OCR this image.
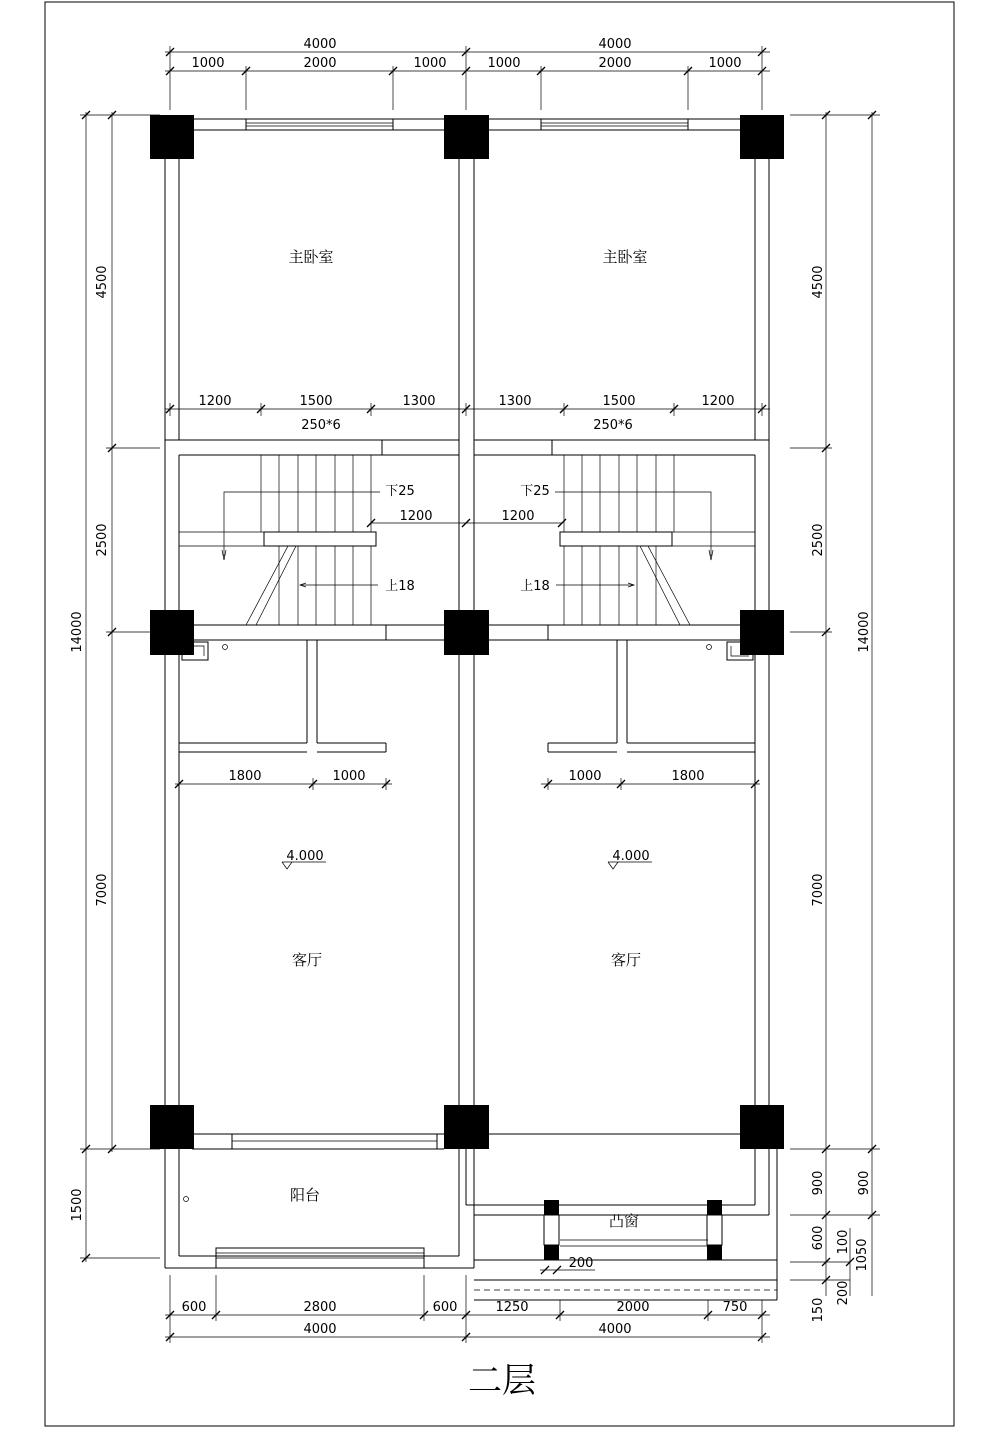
4000	4000
1000	2000	1000	1000	2000	1000
4500
2500
7000
1500
14000
4500
2500
7000
900
600 100
150
200
14000
900
1050
1200	1500	1300	1300	1500	1200
250*6	250*6
1200	1200
下25	下25
上18	上18
1800	1000	1000	1800
4.000	4.000
主卧室	主卧室
客厅	客厅
阳台
凸窗
200
600	2800	600	1250	2000	750
4000	4000
二层
